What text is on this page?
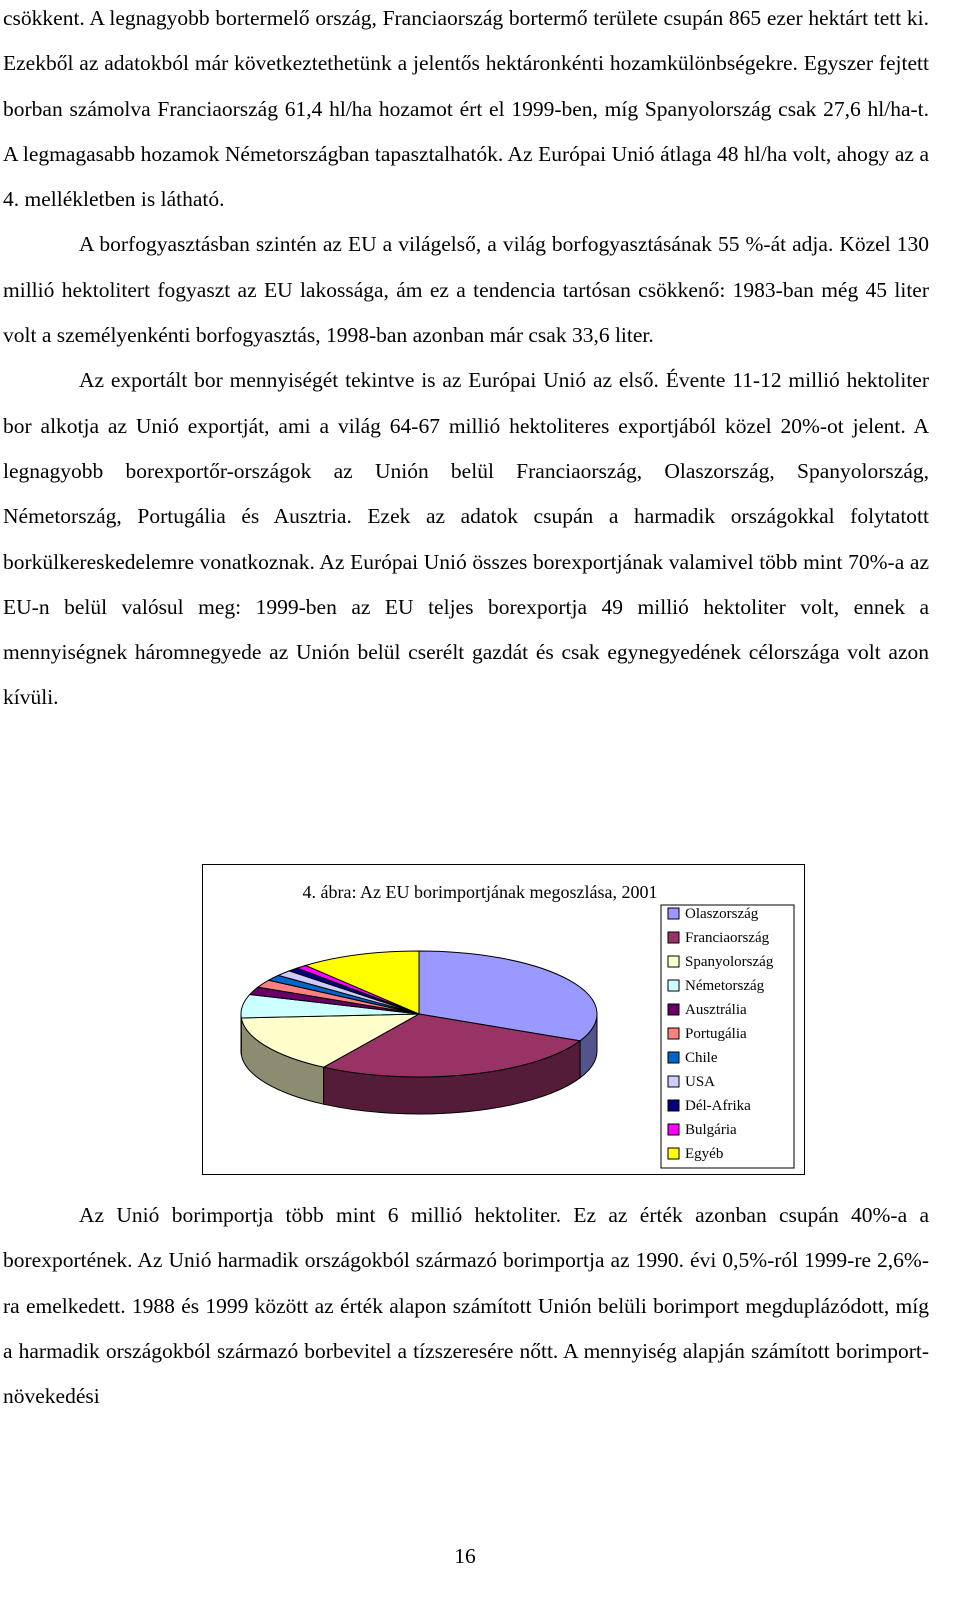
csökkent. A legnagyobb bortermelő ország, Franciaország bortermő területe csupán 865 ezer hektárt tett ki. Ezekből az adatokból már következtethetünk a jelentős hektáronkénti hozamkülönbségekre. Egyszer fejtett borban számolva Franciaország 61,4 hl/ha hozamot ért el 1999-ben, míg Spanyolország csak 27,6 hl/ha-t. A legmagasabb hozamok Németországban tapasztalhatók. Az Európai Unió átlaga 48 hl/ha volt, ahogy az a 4. mellékletben is látható.

A borfogyasztásban szintén az EU a világelső, a világ borfogyasztásának 55 %-át adja. Közel 130 millió hektolitert fogyaszt az EU lakossága, ám ez a tendencia tartósan csökkenő: 1983-ban még 45 liter volt a személyenkénti borfogyasztás, 1998-ban azonban már csak 33,6 liter.

Az exportált bor mennyiségét tekintve is az Európai Unió az első. Évente 11-12 millió hektoliter bor alkotja az Unió exportját, ami a világ 64-67 millió hektoliteres exportjából közel 20%-ot jelent. A legnagyobb borexportőr-országok az Unión belül Franciaország, Olaszország, Spanyolország, Németország, Portugália és Ausztria. Ezek az adatok csupán a harmadik országokkal folytatott borkülkereskedelemre vonatkoznak. Az Európai Unió összes borexportjának valamivel több mint 70%-a az EU-n belül valósul meg: 1999-ben az EU teljes borexportja 49 millió hektoliter volt, ennek a mennyiségnek háromnegyede az Unión belül cserélt gazdát és csak egynegyedének célországa volt azon kívüli.

4. ábra: Az EU borimportjának megoszlása, 2001
Olaszország
Franciaország
Spanyolország
Németország
Ausztrália
Portugália
Chile
USA
Dél-Afrika
Bulgária
Egyéb

Az Unió borimportja több mint 6 millió hektoliter. Ez az érték azonban csupán 40%-a a borexportének. Az Unió harmadik országokból származó borimportja az 1990. évi 0,5%-ról 1999-re 2,6%-ra emelkedett. 1988 és 1999 között az érték alapon számított Unión belüli borimport megduplázódott, míg a harmadik országokból származó borbevitel a tízszeresére nőtt. A mennyiség alapján számított borimport-növekedési

16
